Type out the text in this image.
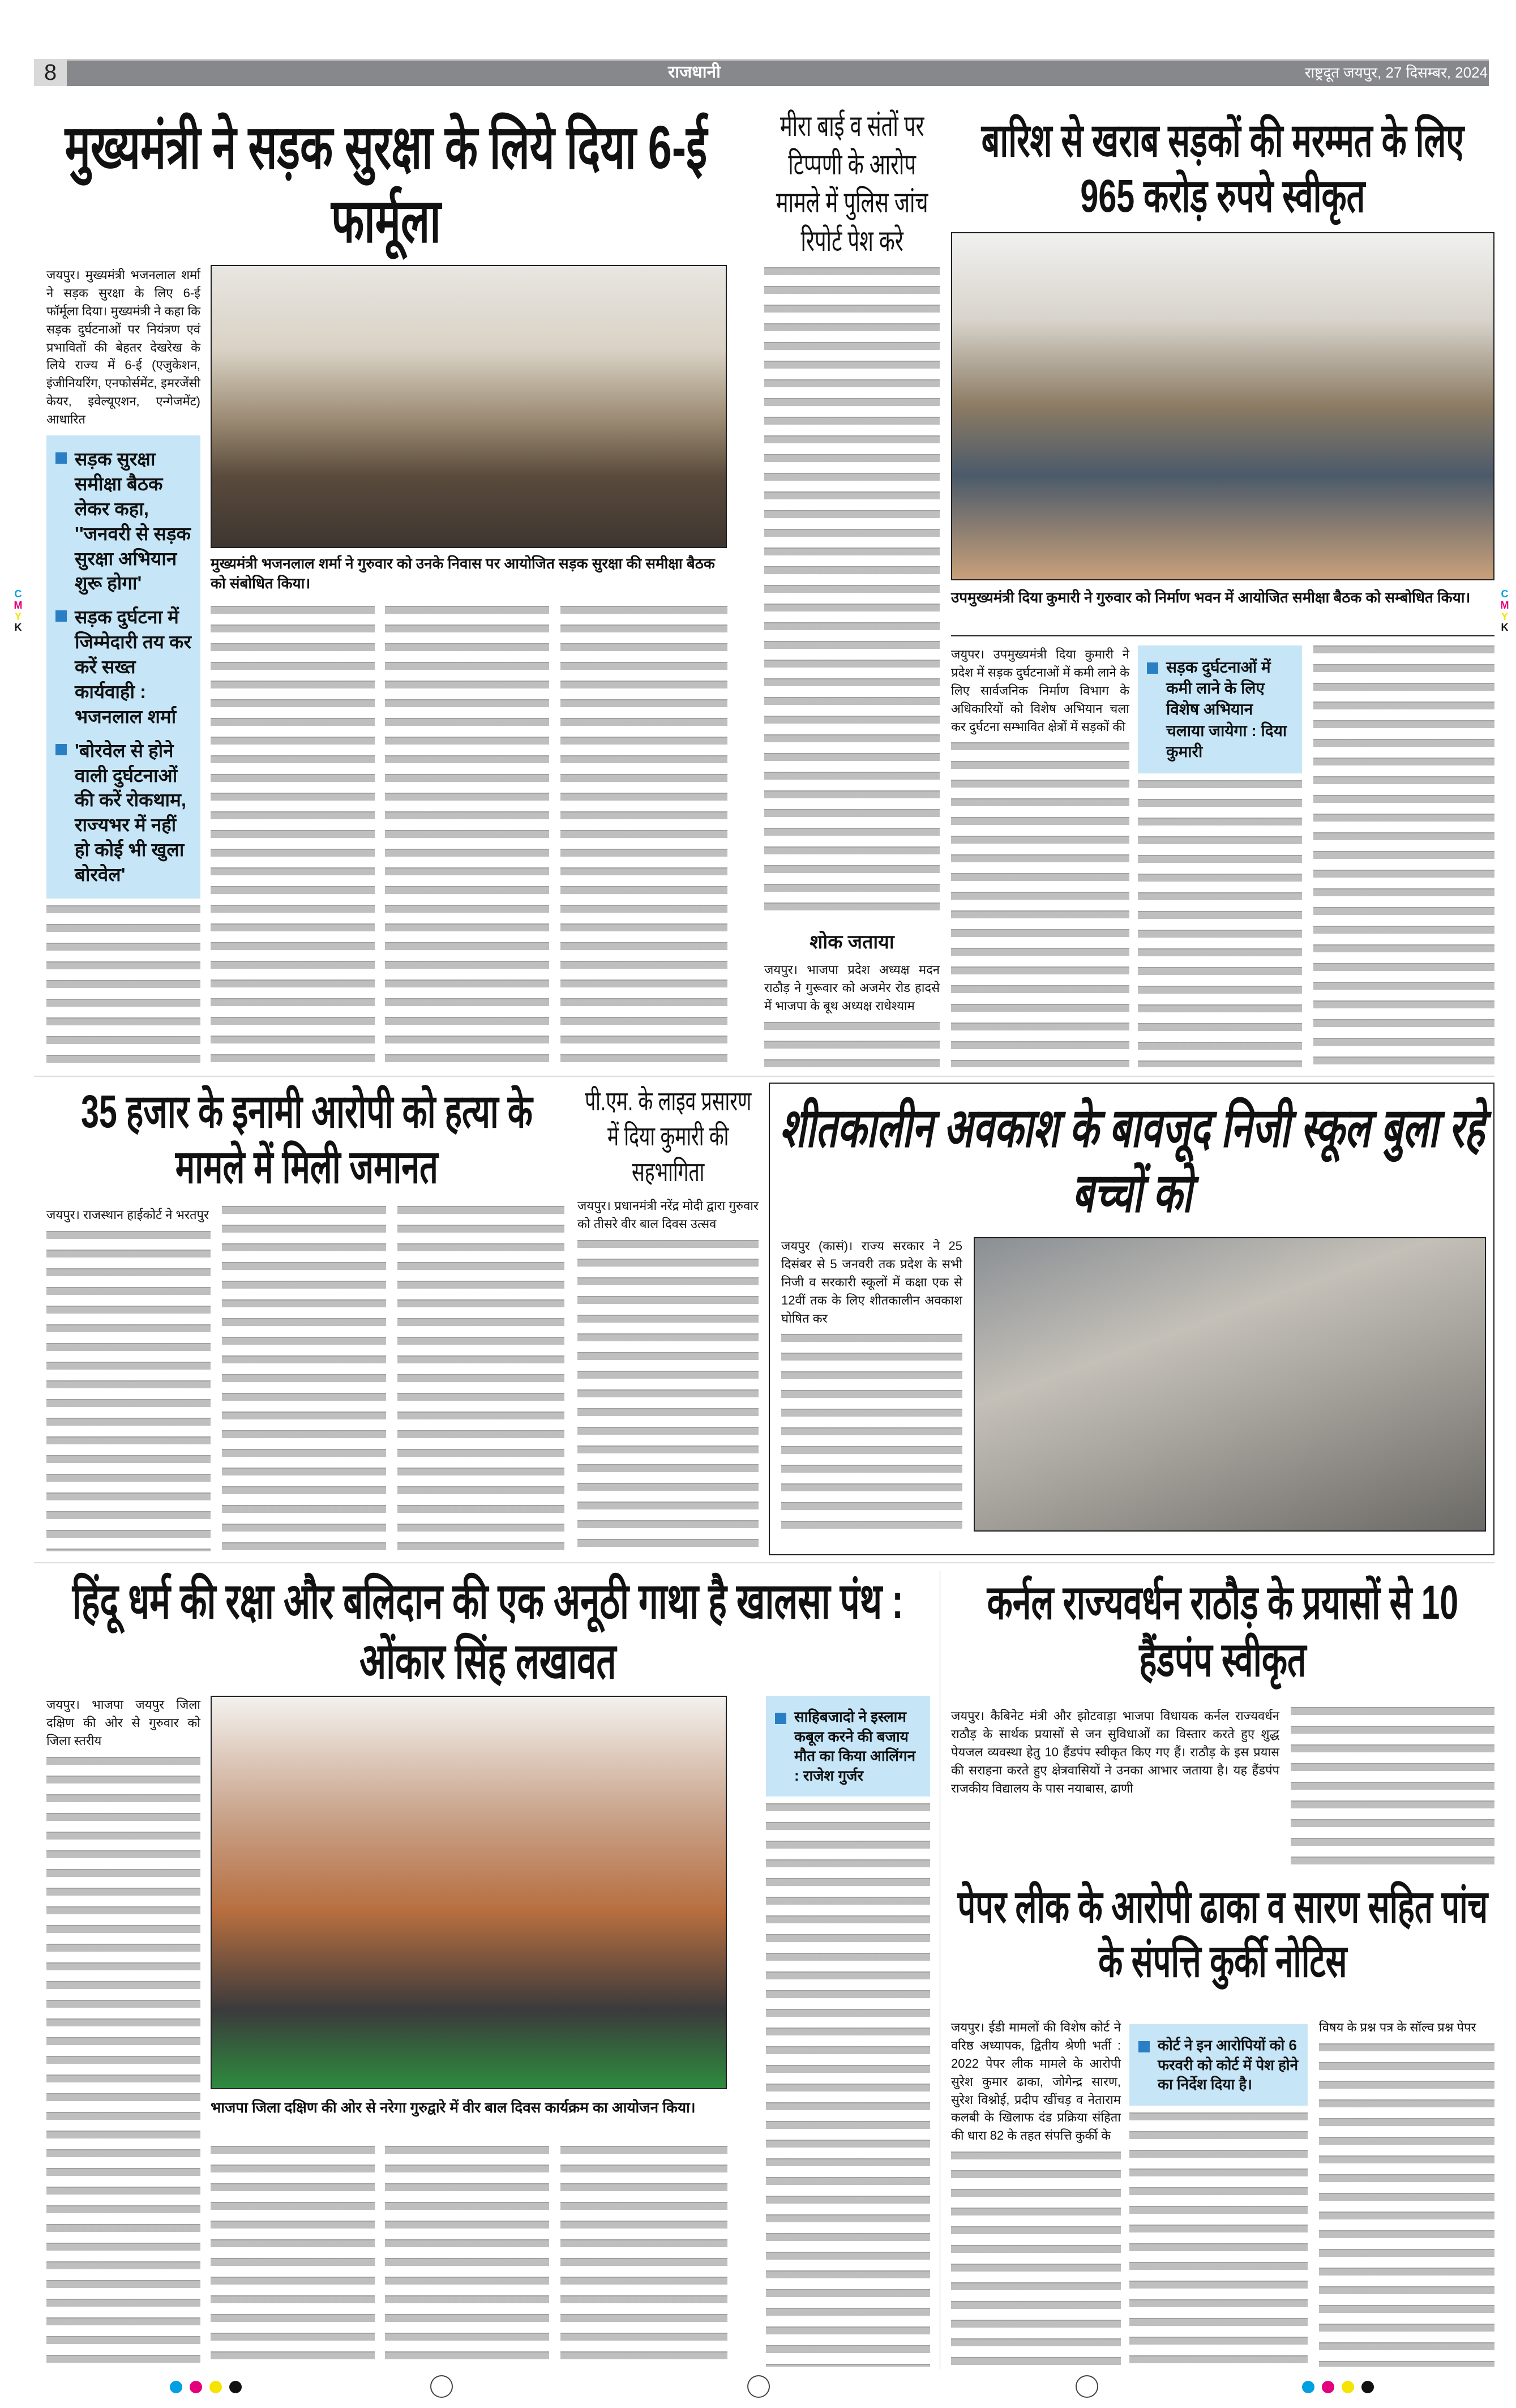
8	राजधानी	राष्ट्रदूत जयपुर, 27 दिसम्बर, 2024
मुख्यमंत्री ने सड़क सुरक्षा के लिये दिया 6-ई फार्मूला
जयपुर। मुख्यमंत्री भजनलाल शर्मा ने सड़क सुरक्षा के लिए 6-ई फॉर्मूला दिया। मुख्यमंत्री ने कहा कि सड़क दुर्घटनाओं पर नियंत्रण एवं प्रभावितों की बेहतर देखरेख के लिये राज्य में 6-ई (एजुकेशन, इंजीनियरिंग, एनफोर्समेंट, इमरजेंसी केयर, इवेल्यूएशन, एन्गेजमेंट) आधारित
सड़क सुरक्षा समीक्षा बैठक लेकर कहा, ''जनवरी से सड़क सुरक्षा अभियान शुरू होगा'
सड़क दुर्घटना में जिम्मेदारी तय कर करें सख्त कार्यवाही : भजनलाल शर्मा
'बोरवेल से होने वाली दुर्घटनाओं की करें रोकथाम, राज्यभर में नहीं हो कोई भी खुला बोरवेल'
मुख्यमंत्री भजनलाल शर्मा ने गुरुवार को उनके निवास पर आयोजित सड़क सुरक्षा की समीक्षा बैठक को संबोधित किया।
मीरा बाई व संतों पर टिप्पणी के आरोप मामले में पुलिस जांच रिपोर्ट पेश करे
शोक जताया
जयपुर। भाजपा प्रदेश अध्यक्ष मदन राठौड़ ने गुरूवार को अजमेर रोड हादसे में भाजपा के बूथ अध्यक्ष राधेश्याम
बारिश से खराब सड़कों की मरम्मत के लिए 965 करोड़ रुपये स्वीकृत
उपमुख्यमंत्री दिया कुमारी ने गुरुवार को निर्माण भवन में आयोजित समीक्षा बैठक को सम्बोधित किया।
जयुपर। उपमुख्यमंत्री दिया कुमारी ने प्रदेश में सड़क दुर्घटनाओं में कमी लाने के लिए सार्वजनिक निर्माण विभाग के अधिकारियों को विशेष अभियान चला कर दुर्घटना सम्भावित क्षेत्रों में सड़कों की
सड़क दुर्घटनाओं में कमी लाने के लिए विशेष अभियान चलाया जायेगा : दिया कुमारी
35 हजार के इनामी आरोपी को हत्या के मामले में मिली जमानत
जयपुर। राजस्थान हाईकोर्ट ने भरतपुर
पी.एम. के लाइव प्रसारण में दिया कुमारी की सहभागिता
जयपुर। प्रधानमंत्री नरेंद्र मोदी द्वारा गुरुवार को तीसरे वीर बाल दिवस उत्सव
शीतकालीन अवकाश के बावजूद निजी स्कूल बुला रहे बच्चों को
जयपुर (कासं)। राज्य सरकार ने 25 दिसंबर से 5 जनवरी तक प्रदेश के सभी निजी व सरकारी स्कूलों में कक्षा एक से 12वीं तक के लिए शीतकालीन अवकाश घोषित कर
हिंदू धर्म की रक्षा और बलिदान की एक अनूठी गाथा है खालसा पंथ : ओंकार सिंह लखावत
जयपुर। भाजपा जयपुर जिला दक्षिण की ओर से गुरुवार को जिला स्तरीय
भाजपा जिला दक्षिण की ओर से नरेगा गुरुद्वारे में वीर बाल दिवस कार्यक्रम का आयोजन किया।
साहिबजादो ने इस्लाम कबूल करने की बजाय मौत का किया आलिंगन : राजेश गुर्जर
कर्नल राज्यवर्धन राठौड़ के प्रयासों से 10 हैंडपंप स्वीकृत
जयपुर। कैबिनेट मंत्री और झोटवाड़ा भाजपा विधायक कर्नल राज्यवर्धन राठौड़ के सार्थक प्रयासों से जन सुविधाओं का विस्तार करते हुए शुद्ध पेयजल व्यवस्था हेतु 10 हैंडपंप स्वीकृत किए गए हैं। राठौड़ के इस प्रयास की सराहना करते हुए क्षेत्रवासियों ने उनका आभार जताया है। यह हैंडपंप राजकीय विद्यालय के पास नयाबास, ढाणी
पेपर लीक के आरोपी ढाका व सारण सहित पांच के संपत्ति कुर्की नोटिस
जयपुर। ईडी मामलों की विशेष कोर्ट ने वरिष्ठ अध्यापक, द्वितीय श्रेणी भर्ती : 2022 पेपर लीक मामले के आरोपी सुरेश कुमार ढाका, जोगेन्द्र सारण, सुरेश विश्नोई, प्रदीप खींचड़ व नेताराम कलबी के खिलाफ दंड प्रक्रिया संहिता की धारा 82 के तहत संपत्ति कुर्की के
कोर्ट ने इन आरोपियों को 6 फरवरी को कोर्ट में पेश होने का निर्देश दिया है।
विषय के प्रश्न पत्र के सॉल्व प्रश्न पेपर
C
M
Y
K
C
M
Y
K
